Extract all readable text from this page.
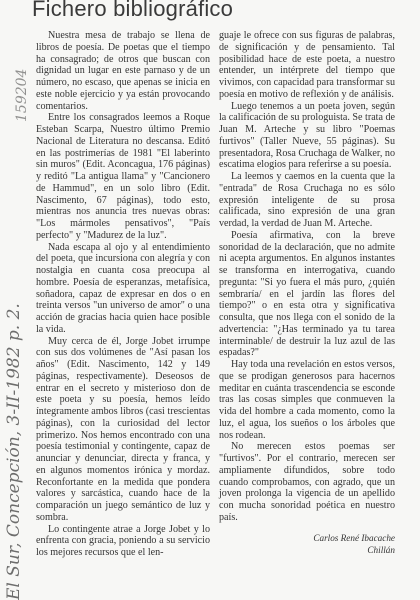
Fichero bibliográfico

Nuestra mesa de trabajo se llena de libros de poesía. De poetas que el tiempo ha consagrado; de otros que buscan con dignidad un lugar en este parnaso y de un número, no escaso, que apenas se inicia en este noble ejercicio y ya están provocando comentarios.

Entre los consagrados leemos a Roque Esteban Scarpa, Nuestro último Premio Nacional de Literatura no descansa. Editó en las postrimerías de 1981 "El laberinto sin muros" (Edit. Aconcagua, 176 páginas) y reditó "La antigua llama" y "Cancionero de Hammud", en un solo libro (Edit. Nascimento, 67 páginas), todo esto, mientras nos anuncia tres nuevas obras: "Los mármoles pensativos", "País perfecto" y "Madurez de la luz".

Nada escapa al ojo y al entendimiento del poeta, que incursiona con alegría y con nostalgia en cuanta cosa preocupa al hombre. Poesía de esperanzas, metafísica, soñadora, capaz de expresar en dos o en treinta versos "un universo de amor" o una acción de gracias hacia quien hace posible la vida.

Muy cerca de él, Jorge Jobet irrumpe con sus dos volúmenes de "Así pasan los años" (Edit. Nascimento, 142 y 149 páginas, respectivamente). Deseosos de entrar en el secreto y misterioso don de este poeta y su poesía, hemos leído íntegramente ambos libros (casi trescientas páginas), con la curiosidad del lector primerizo. Nos hemos encontrado con una poesía testimonial y contingente, capaz de anunciar y denunciar, directa y franca, y en algunos momentos irónica y mordaz. Reconfortante en la medida que pondera valores y sarcástica, cuando hace de la comparación un juego semántico de luz y sombra.

Lo contingente atrae a Jorge Jobet y lo enfrenta con gracia, poniendo a su servicio los mejores recursos que el len-

guaje le ofrece con sus figuras de palabras, de significación y de pensamiento. Tal posibilidad hace de este poeta, a nuestro entender, un intérprete del tiempo que vivimos, con capacidad para transformar su poesía en motivo de reflexión y de análisis.

Luego tenemos a un poeta joven, según la calificación de su prologuista. Se trata de Juan M. Arteche y su libro "Poemas furtivos" (Taller Nueve, 55 páginas). Su presentadora, Rosa Cruchaga de Walker, no escatima elogios para referirse a su poesía.

La leemos y caemos en la cuenta que la "entrada" de Rosa Cruchaga no es sólo expresión inteligente de su prosa calificada, sino expresión de una gran verdad, la verdad de Juan M. Arteche.

Poesía afirmativa, con la breve sonoridad de la declaración, que no admite ni acepta argumentos. En algunos instantes se transforma en interrogativa, cuando pregunta: "Si yo fuera el más puro, ¿quién sembraría/ en el jardín las flores del tiempo?" o en esta otra y significativa consulta, que nos llega con el sonido de la advertencia: "¿Has terminado ya tu tarea interminable/ de destruir la luz azul de las espadas?"

Hay toda una revelación en estos versos, que se prodigan generosos para hacernos meditar en cuánta trascendencia se esconde tras las cosas simples que conmueven la vida del hombre a cada momento, como la luz, el agua, los sueños o los árboles que nos rodean.

No merecen estos poemas ser "furtivos". Por el contrario, merecen ser ampliamente difundidos, sobre todo cuando comprobamos, con agrado, que un joven prolonga la vigencia de un apellido con mucha sonoridad poética en nuestro país.

Carlos René Ibacache
Chillán
El Sur, Concepción, 3-II-1982 p. 2.
159204
